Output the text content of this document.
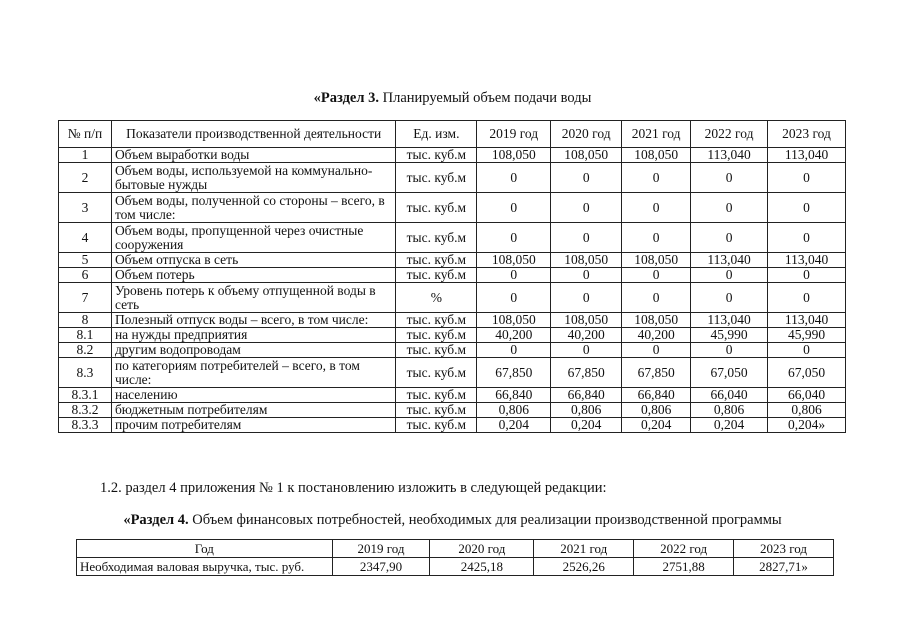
«Раздел 3. Планируемый объем подачи воды
№ п/п	Показатели производственной деятельности	Ед. изм.	2019 год	2020 год	2021 год	2022 год	2023 год
1	Объем выработки воды	тыс. куб.м	108,050	108,050	108,050	113,040	113,040
2	Объем воды, используемой на коммунально-бытовые нужды	тыс. куб.м	0	0	0	0	0
3	Объем воды, полученной со стороны – всего, в том числе:	тыс. куб.м	0	0	0	0	0
4	Объем воды, пропущенной через очистные сооружения	тыс. куб.м	0	0	0	0	0
5	Объем отпуска в сеть	тыс. куб.м	108,050	108,050	108,050	113,040	113,040
6	Объем потерь	тыс. куб.м	0	0	0	0	0
7	Уровень потерь к объему отпущенной воды в сеть	%	0	0	0	0	0
8	Полезный отпуск воды – всего, в том числе:	тыс. куб.м	108,050	108,050	108,050	113,040	113,040
8.1	на нужды предприятия	тыс. куб.м	40,200	40,200	40,200	45,990	45,990
8.2	другим водопроводам	тыс. куб.м	0	0	0	0	0
8.3	по категориям потребителей – всего, в том числе:	тыс. куб.м	67,850	67,850	67,850	67,050	67,050
8.3.1	населению	тыс. куб.м	66,840	66,840	66,840	66,040	66,040
8.3.2	бюджетным потребителям	тыс. куб.м	0,806	0,806	0,806	0,806	0,806
8.3.3	прочим потребителям	тыс. куб.м	0,204	0,204	0,204	0,204	0,204»
1.2. раздел 4 приложения № 1 к постановлению изложить в следующей редакции:
«Раздел 4. Объем финансовых потребностей, необходимых для реализации производственной программы
Год	2019 год	2020 год	2021 год	2022 год	2023 год
Необходимая валовая выручка, тыс. руб.	2347,90	2425,18	2526,26	2751,88	2827,71»
